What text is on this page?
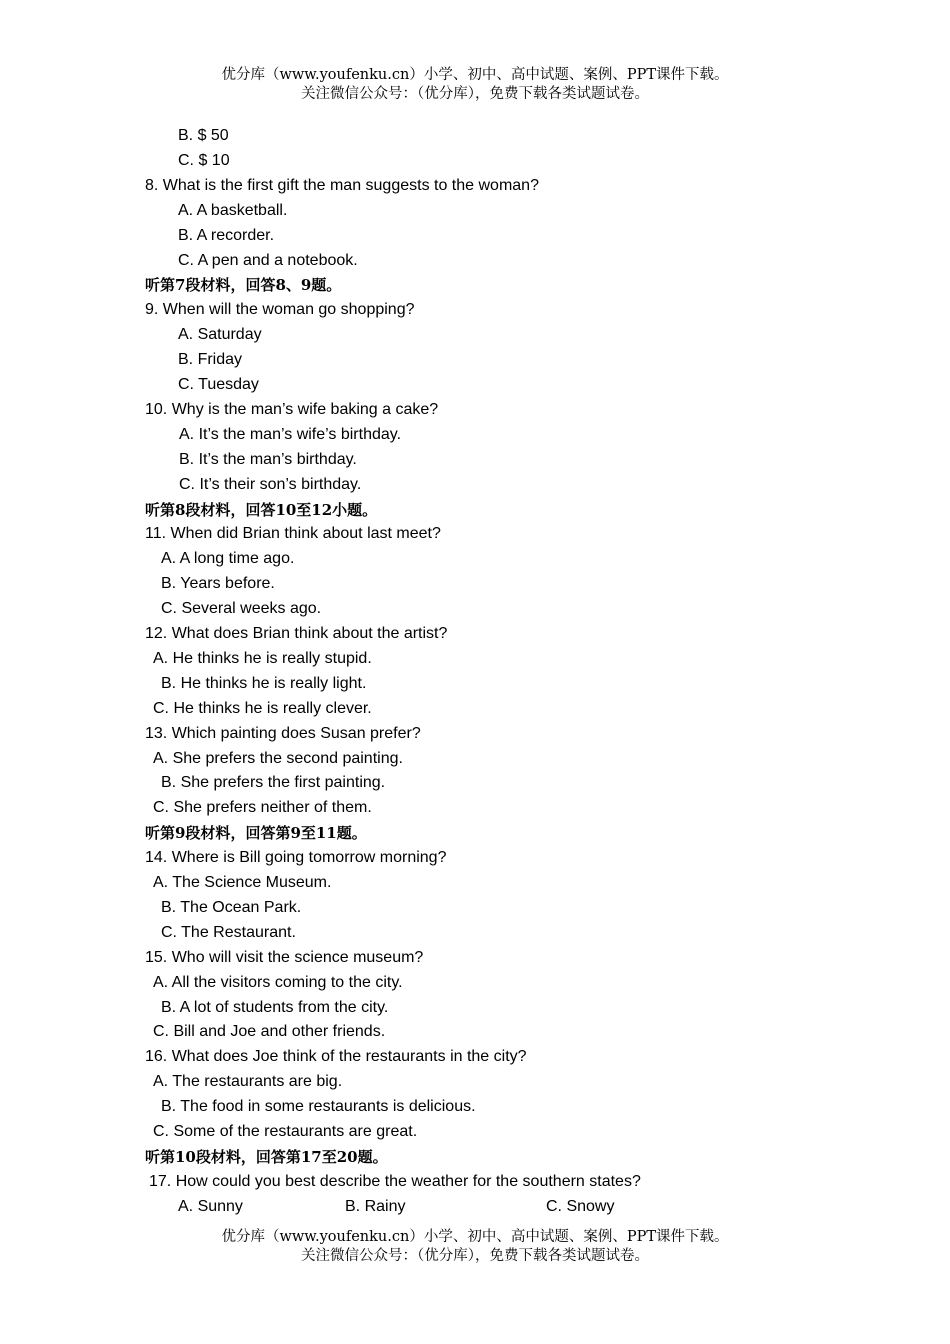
优分库（www.youfenku.cn）小学、初中、高中试题、案例、PPT课件下载。
关注微信公众号：（优分库），免费下载各类试题试卷。
B. $ 50
C. $ 10
8. What is the first gift the man suggests to the woman?
A. A basketball.
B. A recorder.
C. A pen and a notebook.
听第7段材料，回答8、9题。
9. When will the woman go shopping?
A. Saturday
B. Friday
C. Tuesday
10. Why is the man’s wife baking a cake?
A. It’s the man’s wife’s birthday.
B. It’s the man’s birthday.
C. It’s their son’s birthday.
听第8段材料，回答10至12小题。
11. When did Brian think about last meet?
A. A long time ago.
B. Years before.
C. Several weeks ago.
12. What does Brian think about the artist?
A. He thinks he is really stupid.
B. He thinks he is really light.
C. He thinks he is really clever.
13. Which painting does Susan prefer?
A. She prefers the second painting.
B. She prefers the first painting.
C. She prefers neither of them.
听第9段材料，回答第9至11题。
14. Where is Bill going tomorrow morning?
A. The Science Museum.
B. The Ocean Park.
C. The Restaurant.
15. Who will visit the science museum?
A. All the visitors coming to the city.
B. A lot of students from the city.
C. Bill and Joe and other friends.
16. What does Joe think of the restaurants in the city?
A. The restaurants are big.
B. The food in some restaurants is delicious.
C. Some of the restaurants are great.
听第10段材料，回答第17至20题。
17. How could you best describe the weather for the southern states?
A. Sunny	B. Rainy	C. Snowy
优分库（www.youfenku.cn）小学、初中、高中试题、案例、PPT课件下载。
关注微信公众号：（优分库），免费下载各类试题试卷。
